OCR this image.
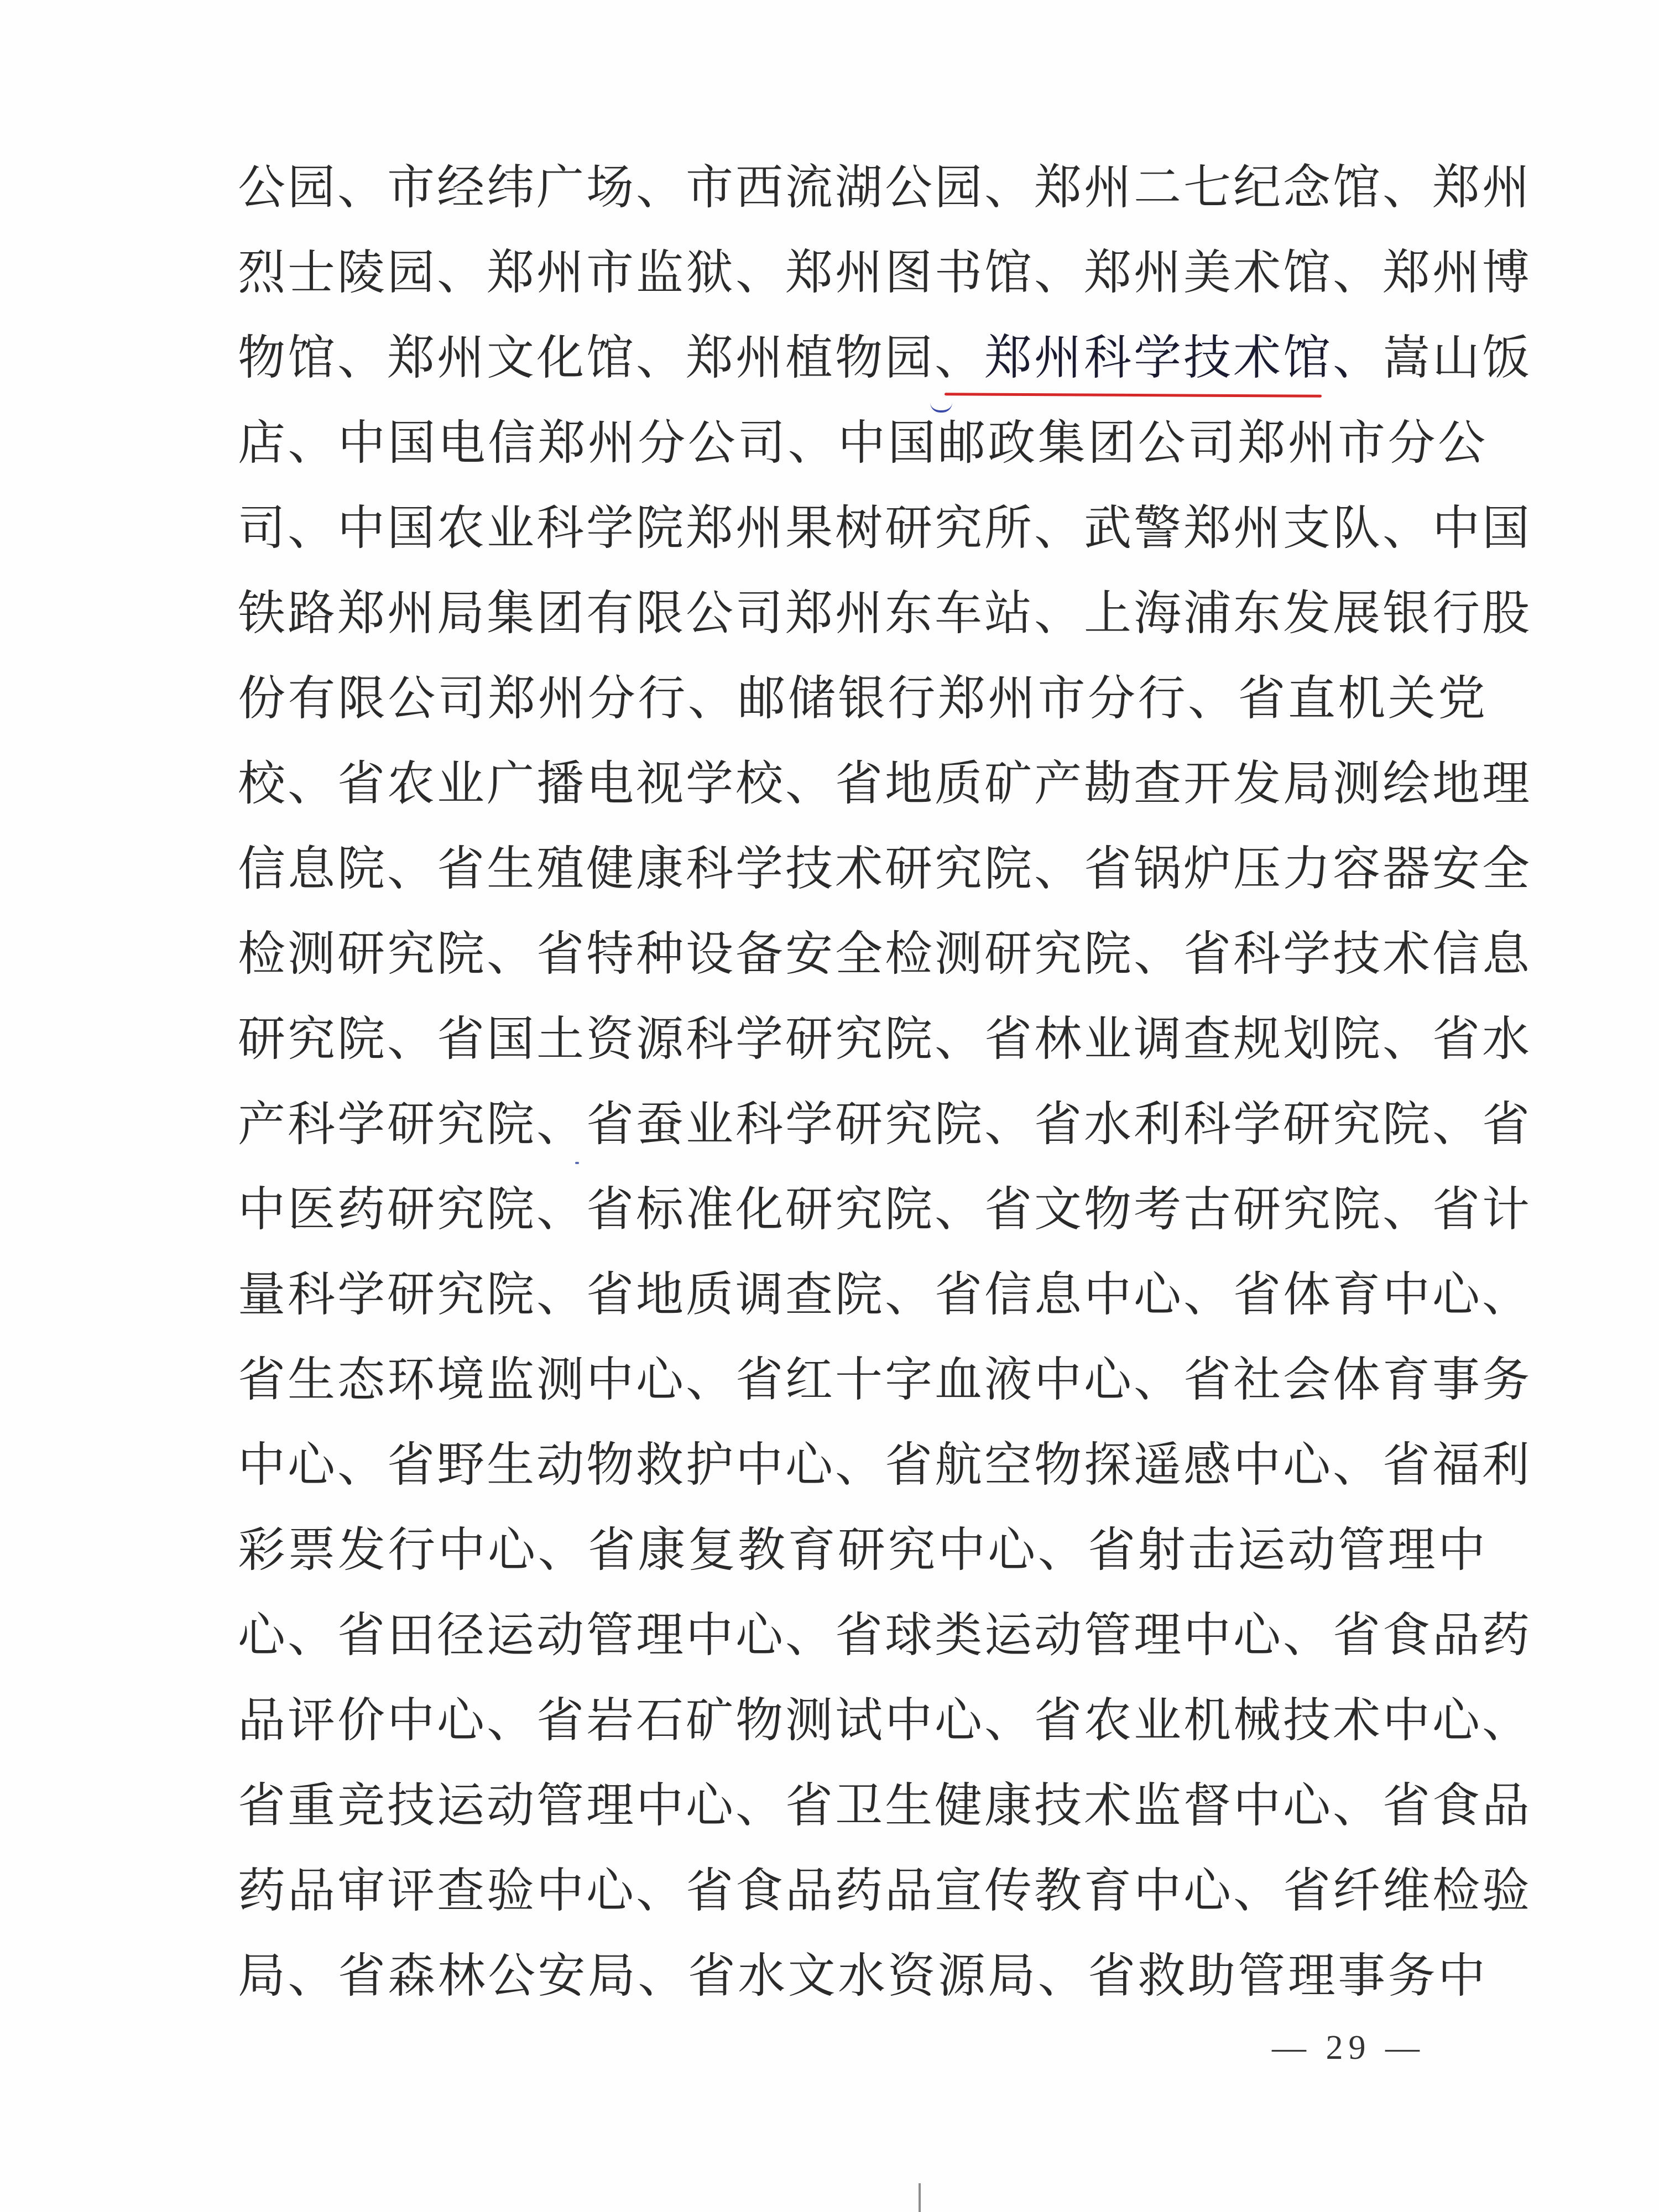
公园、市经纬广场、市西流湖公园、郑州二七纪念馆、郑州
烈士陵园、郑州市监狱、郑州图书馆、郑州美术馆、郑州博
物馆、郑州文化馆、郑州植物园、郑州科学技术馆、嵩山饭
店、中国电信郑州分公司、中国邮政集团公司郑州市分公
司、中国农业科学院郑州果树研究所、武警郑州支队、中国
铁路郑州局集团有限公司郑州东车站、上海浦东发展银行股
份有限公司郑州分行、邮储银行郑州市分行、省直机关党
校、省农业广播电视学校、省地质矿产勘查开发局测绘地理
信息院、省生殖健康科学技术研究院、省锅炉压力容器安全
检测研究院、省特种设备安全检测研究院、省科学技术信息
研究院、省国土资源科学研究院、省林业调查规划院、省水
产科学研究院、省蚕业科学研究院、省水利科学研究院、省
中医药研究院、省标准化研究院、省文物考古研究院、省计
量科学研究院、省地质调查院、省信息中心、省体育中心、
省生态环境监测中心、省红十字血液中心、省社会体育事务
中心、省野生动物救护中心、省航空物探遥感中心、省福利
彩票发行中心、省康复教育研究中心、省射击运动管理中
心、省田径运动管理中心、省球类运动管理中心、省食品药
品评价中心、省岩石矿物测试中心、省农业机械技术中心、
省重竞技运动管理中心、省卫生健康技术监督中心、省食品
药品审评查验中心、省食品药品宣传教育中心、省纤维检验
局、省森林公安局、省水文水资源局、省救助管理事务中
— 29 —
